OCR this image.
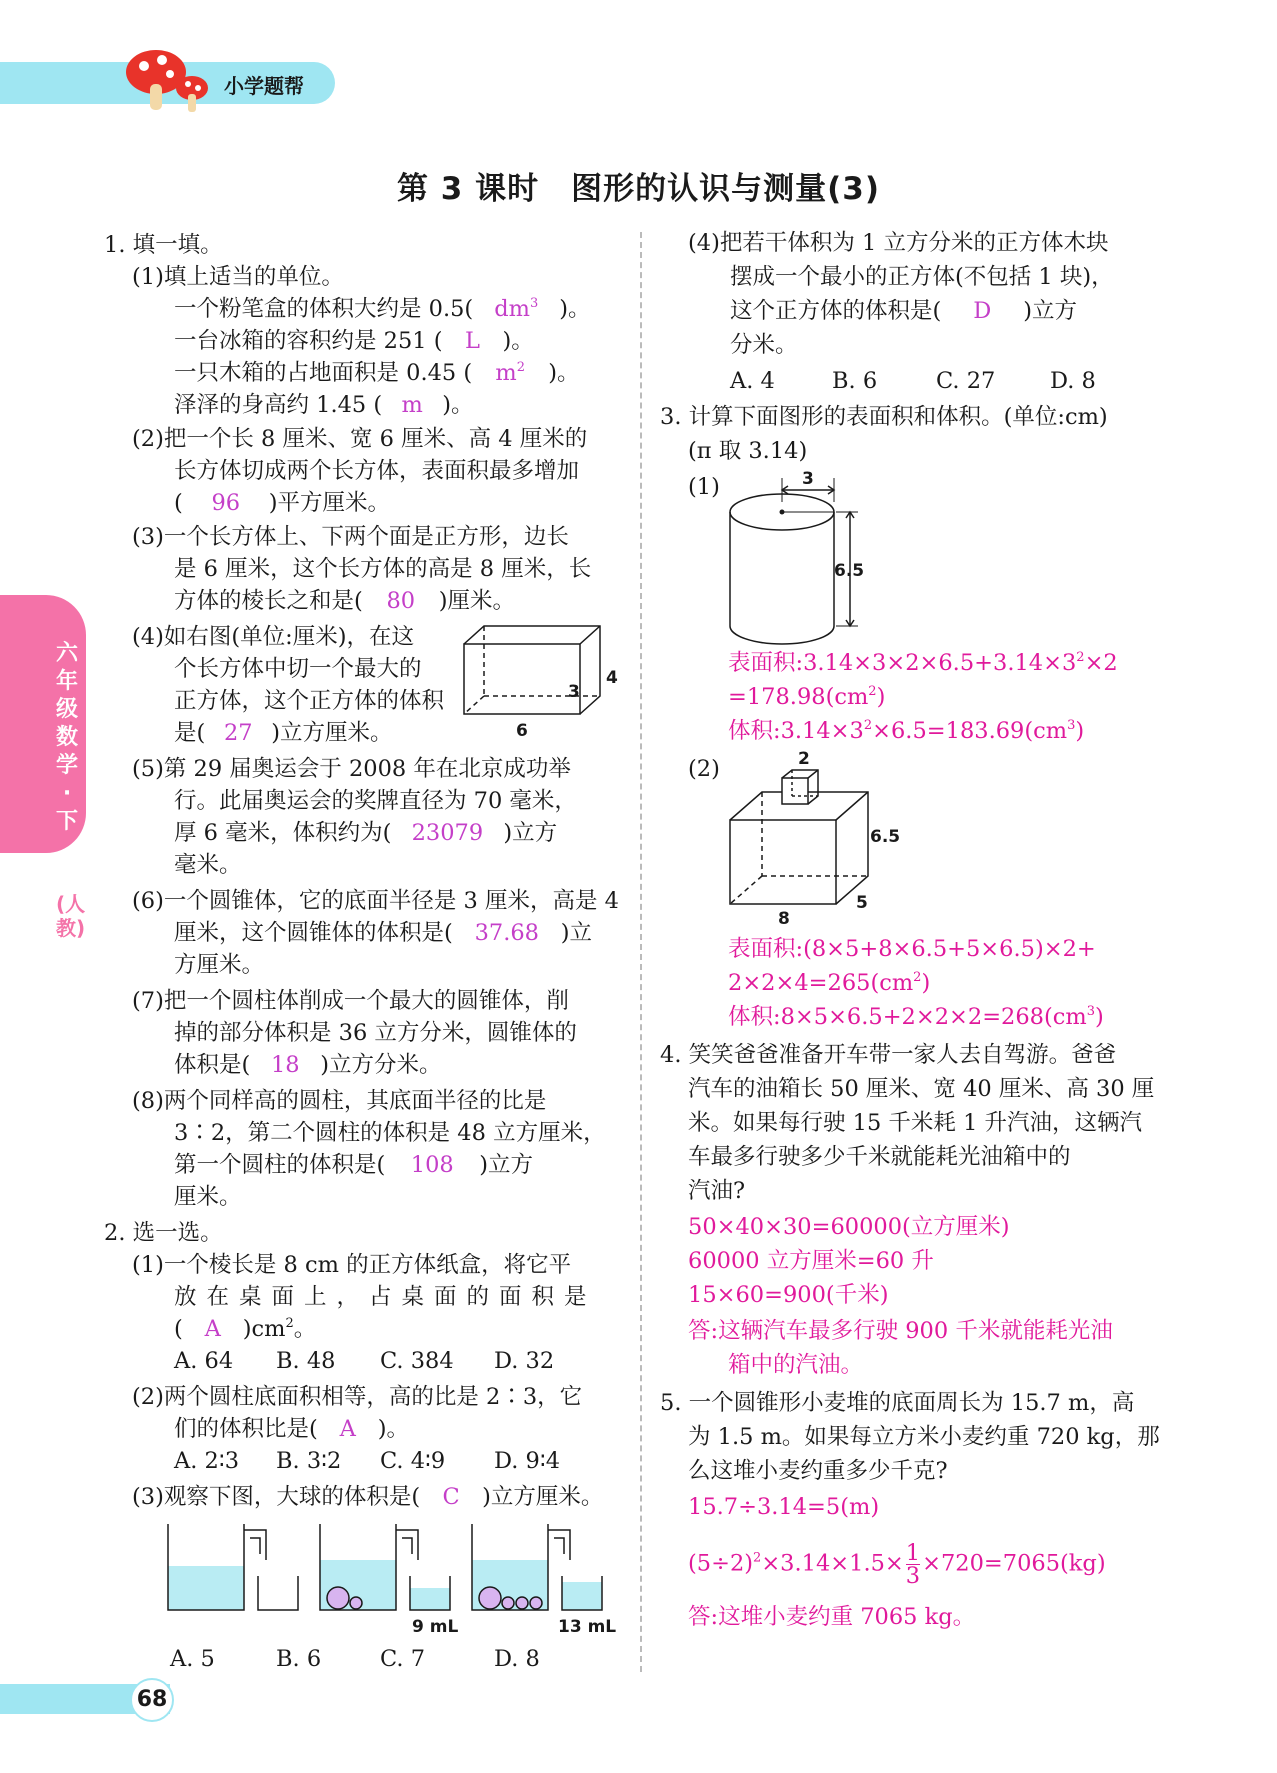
小学题帮
第 3 课时　图形的认识与测量(3)
六年级数学·下
(人教)
1. 填一填。
(1)填上适当的单位。
一个粉笔盒的体积大约是 0.5( $dm^3$ )。
一台冰箱的容积约是 251 ( L )。
一只木箱的占地面积是 0.45 ( $m^2$ )。
泽泽的身高约 1.45 ( m )。
(2)把一个长 8 厘米、宽 6 厘米、高 4 厘米的
长方体切成两个长方体，表面积最多增加
( 96 )平方厘米。
(3)一个长方体上、下两个面是正方形，边长
是 6 厘米，这个长方体的高是 8 厘米，长
方体的棱长之和是( 80 )厘米。
(4)如右图(单位:厘米)，在这
个长方体中切一个最大的
正方体，这个正方体的体积
是( 27 )立方厘米。
3
4
6
(5)第 29 届奥运会于 2008 年在北京成功举
行。此届奥运会的奖牌直径为 70 毫米，
厚 6 毫米，体积约为( 23079 )立方
毫米。
(6)一个圆锥体，它的底面半径是 3 厘米，高是 4
厘米，这个圆锥体的体积是( 37.68 )立
方厘米。
(7)把一个圆柱体削成一个最大的圆锥体，削
掉的部分体积是 36 立方分米，圆锥体的
体积是( 18 )立方分米。
(8)两个同样高的圆柱，其底面半径的比是
3∶2，第二个圆柱的体积是 48 立方厘米，
第一个圆柱的体积是( 108 )立方
厘米。
2. 选一选。
(1)一个棱长是 8 cm 的正方体纸盒，将它平
放在桌面上，占桌面的面积是
( A )$cm^2$。
A. 64 B. 48 C. 384 D. 32
(2)两个圆柱底面积相等，高的比是 2∶3，它
们的体积比是( A )。
A. 2∶3 B. 3∶2 C. 4∶9 D. 9∶4
(3)观察下图，大球的体积是( C )立方厘米。
9 mL	13 mL
A. 5	B. 6	C. 7	D. 8
(4)把若干体积为 1 立方分米的正方体木块
摆成一个最小的正方体(不包括 1 块)，
这个正方体的体积是( D )立方
分米。
A. 4	B. 6	C. 27 D. 8
3. 计算下面图形的表面积和体积。(单位:cm)
(π 取 3.14)
(1)	3
6.5
表面积$:3.14\times 3\times 2\times 6.5+3.14\times 3^2\times 2$
$=178.98(cm^2)$
体积$:3.14\times 3^2\times 6.5=183.69(cm^3)$
(2)	2
6.5
8
5
表面积:(8×5+8×6.5+5×6.5)×2+
$2\times 2\times 4=265(cm^2)$
体积$:8\times 5\times 6.5+2\times 2\times 2=268(cm^3)$
4. 笑笑爸爸准备开车带一家人去自驾游。爸爸
汽车的油箱长 50 厘米、宽 40 厘米、高 30 厘
米。如果每行驶 15 千米耗 1 升汽油，这辆汽
车最多行驶多少千米就能耗光油箱中的
汽油?
50×40×30=60000(立方厘米)
60000 立方厘米=60 升
15×60=900(千米)
答:这辆汽车最多行驶 900 千米就能耗光油
箱中的汽油。
5. 一个圆锥形小麦堆的底面周长为 15.7 m，高
为 1.5 m。如果每立方米小麦约重 720 kg，那
么这堆小麦约重多少千克?
15.7÷3.14=5(m)
$(5\div 2)^2\times 3.14\times 1.5\times \frac{1}{3} \times 720=7065(kg)$
答:这堆小麦约重 7065 kg。
68
